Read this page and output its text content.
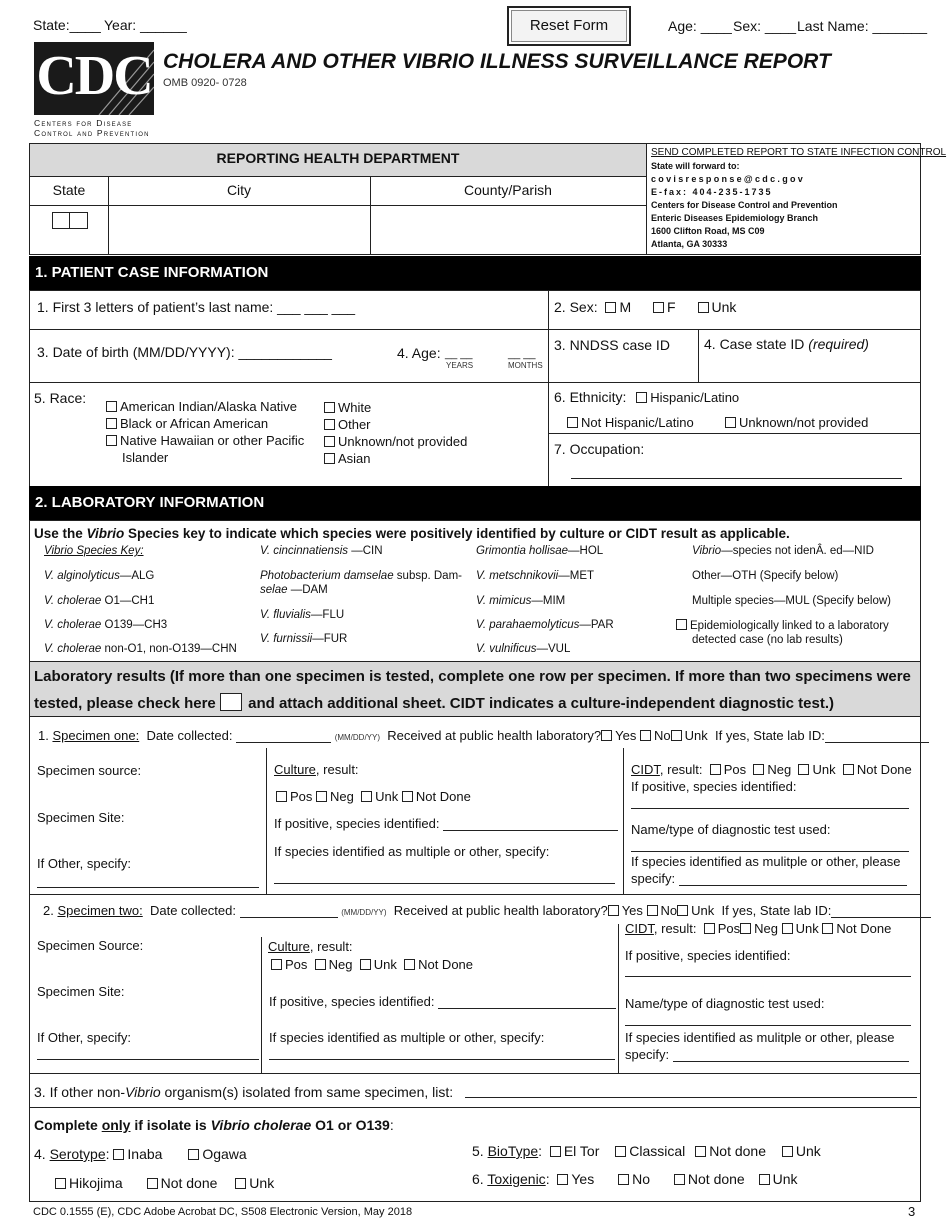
State:____ Year: ______	Reset Form	Age: ____ Sex: ____ Last Name: _______
CDC
Centers for Disease
Control and Prevention
CHOLERA AND OTHER VIBRIO ILLNESS SURVEILLANCE REPORT
OMB 0920- 0728
REPORTING HEALTH DEPARTMENT
State	City	County/Parish
SEND COMPLETED REPORT TO STATE INFECTION CONTROL
State will forward to:
covisresponse@cdc.gov
E-fax: 404-235-1735
Centers for Disease Control and Prevention
Enteric Diseases Epidemiology Branch
1600 Clifton Road, MS C09
Atlanta, GA 30333
1. PATIENT CASE INFORMATION
1. First 3 letters of patient’s last name: ___ ___ ___	2. Sex: M	F	Unk
3. Date of birth (MM/DD/YYYY): ____________	4. Age: __ __
YEARS
__ __
MONTHS
3. NNDSS case ID 4. Case state ID (required)
5. Race:
American Indian/Alaska Native
Black or African American
Native Hawaiian or other Pacific
Islander
White
Other
Unknown/not provided
Asian
6. Ethnicity: Hispanic/Latino
Not Hispanic/Latino	Unknown/not provided
7. Occupation:
2. LABORATORY INFORMATION
Use the Vibrio Species key to indicate which species were positively identified by culture or CIDT result as applicable.
Vibrio Species Key:
V. alginolyticus—ALG
V. cholerae O1—CH1
V. cholerae O139—CH3
V. cholerae non-O1, non-O139—CHN
V. cincinnatiensis —CIN
Photobacterium damselae subsp. Dam-
selae —DAM
V. fluvialis—FLU
V. furnissii—FUR
Grimontia hollisae—HOL
V. metschnikovii—MET
V. mimicus—MIM
V. parahaemolyticus—PAR
V. vulnificus—VUL
Vibrio—species not idenÂ. ed—NID
Other—OTH (Specify below)
Multiple species—MUL (Specify below)
Epidemiologically linked to a laboratory
detected case (no lab results)
Laboratory results (If more than one specimen is tested, complete one row per specimen. If more than two specimens were
tested, please check here  and attach additional sheet. CIDT indicates a culture-independent diagnostic test.)
1. Specimen one: Date collected:	(MM/DD/YY) Received at public health laboratory? Yes No Unk If yes, State lab ID:
Specimen source:
Specimen Site:
If Other, specify:
Culture, result:
Pos Neg Unk Not Done
If positive, species identified:
If species identified as multiple or other, specify:
CIDT, result: Pos Neg Unk Not Done
If positive, species identified:
Name/type of diagnostic test used:
If species identified as mulitple or other, please
specify:
2. Specimen two: Date collected:	(MM/DD/YY) Received at public health laboratory? Yes No Unk If yes, State lab ID:
Specimen Source:
Specimen Site:
If Other, specify:
Culture, result:
Pos Neg Unk Not Done
If positive, species identified:
If species identified as multiple or other, specify:
CIDT, result: Pos Neg Unk Not Done
If positive, species identified:
Name/type of diagnostic test used:
If species identified as mulitple or other, please
specify:
3. If other non-Vibrio organism(s) isolated from same specimen, list:
Complete only if isolate is Vibrio cholerae O1 or O139:
4. Serotype: Inaba	Ogawa
Hikojima	Not done Unk
5. BioType:  El Tor Classical Not done Unk
6. Toxigenic:  Yes	No	Not done Unk
CDC 0.1555 (E), CDC Adobe Acrobat DC, S508 Electronic Version, May 2018	3
